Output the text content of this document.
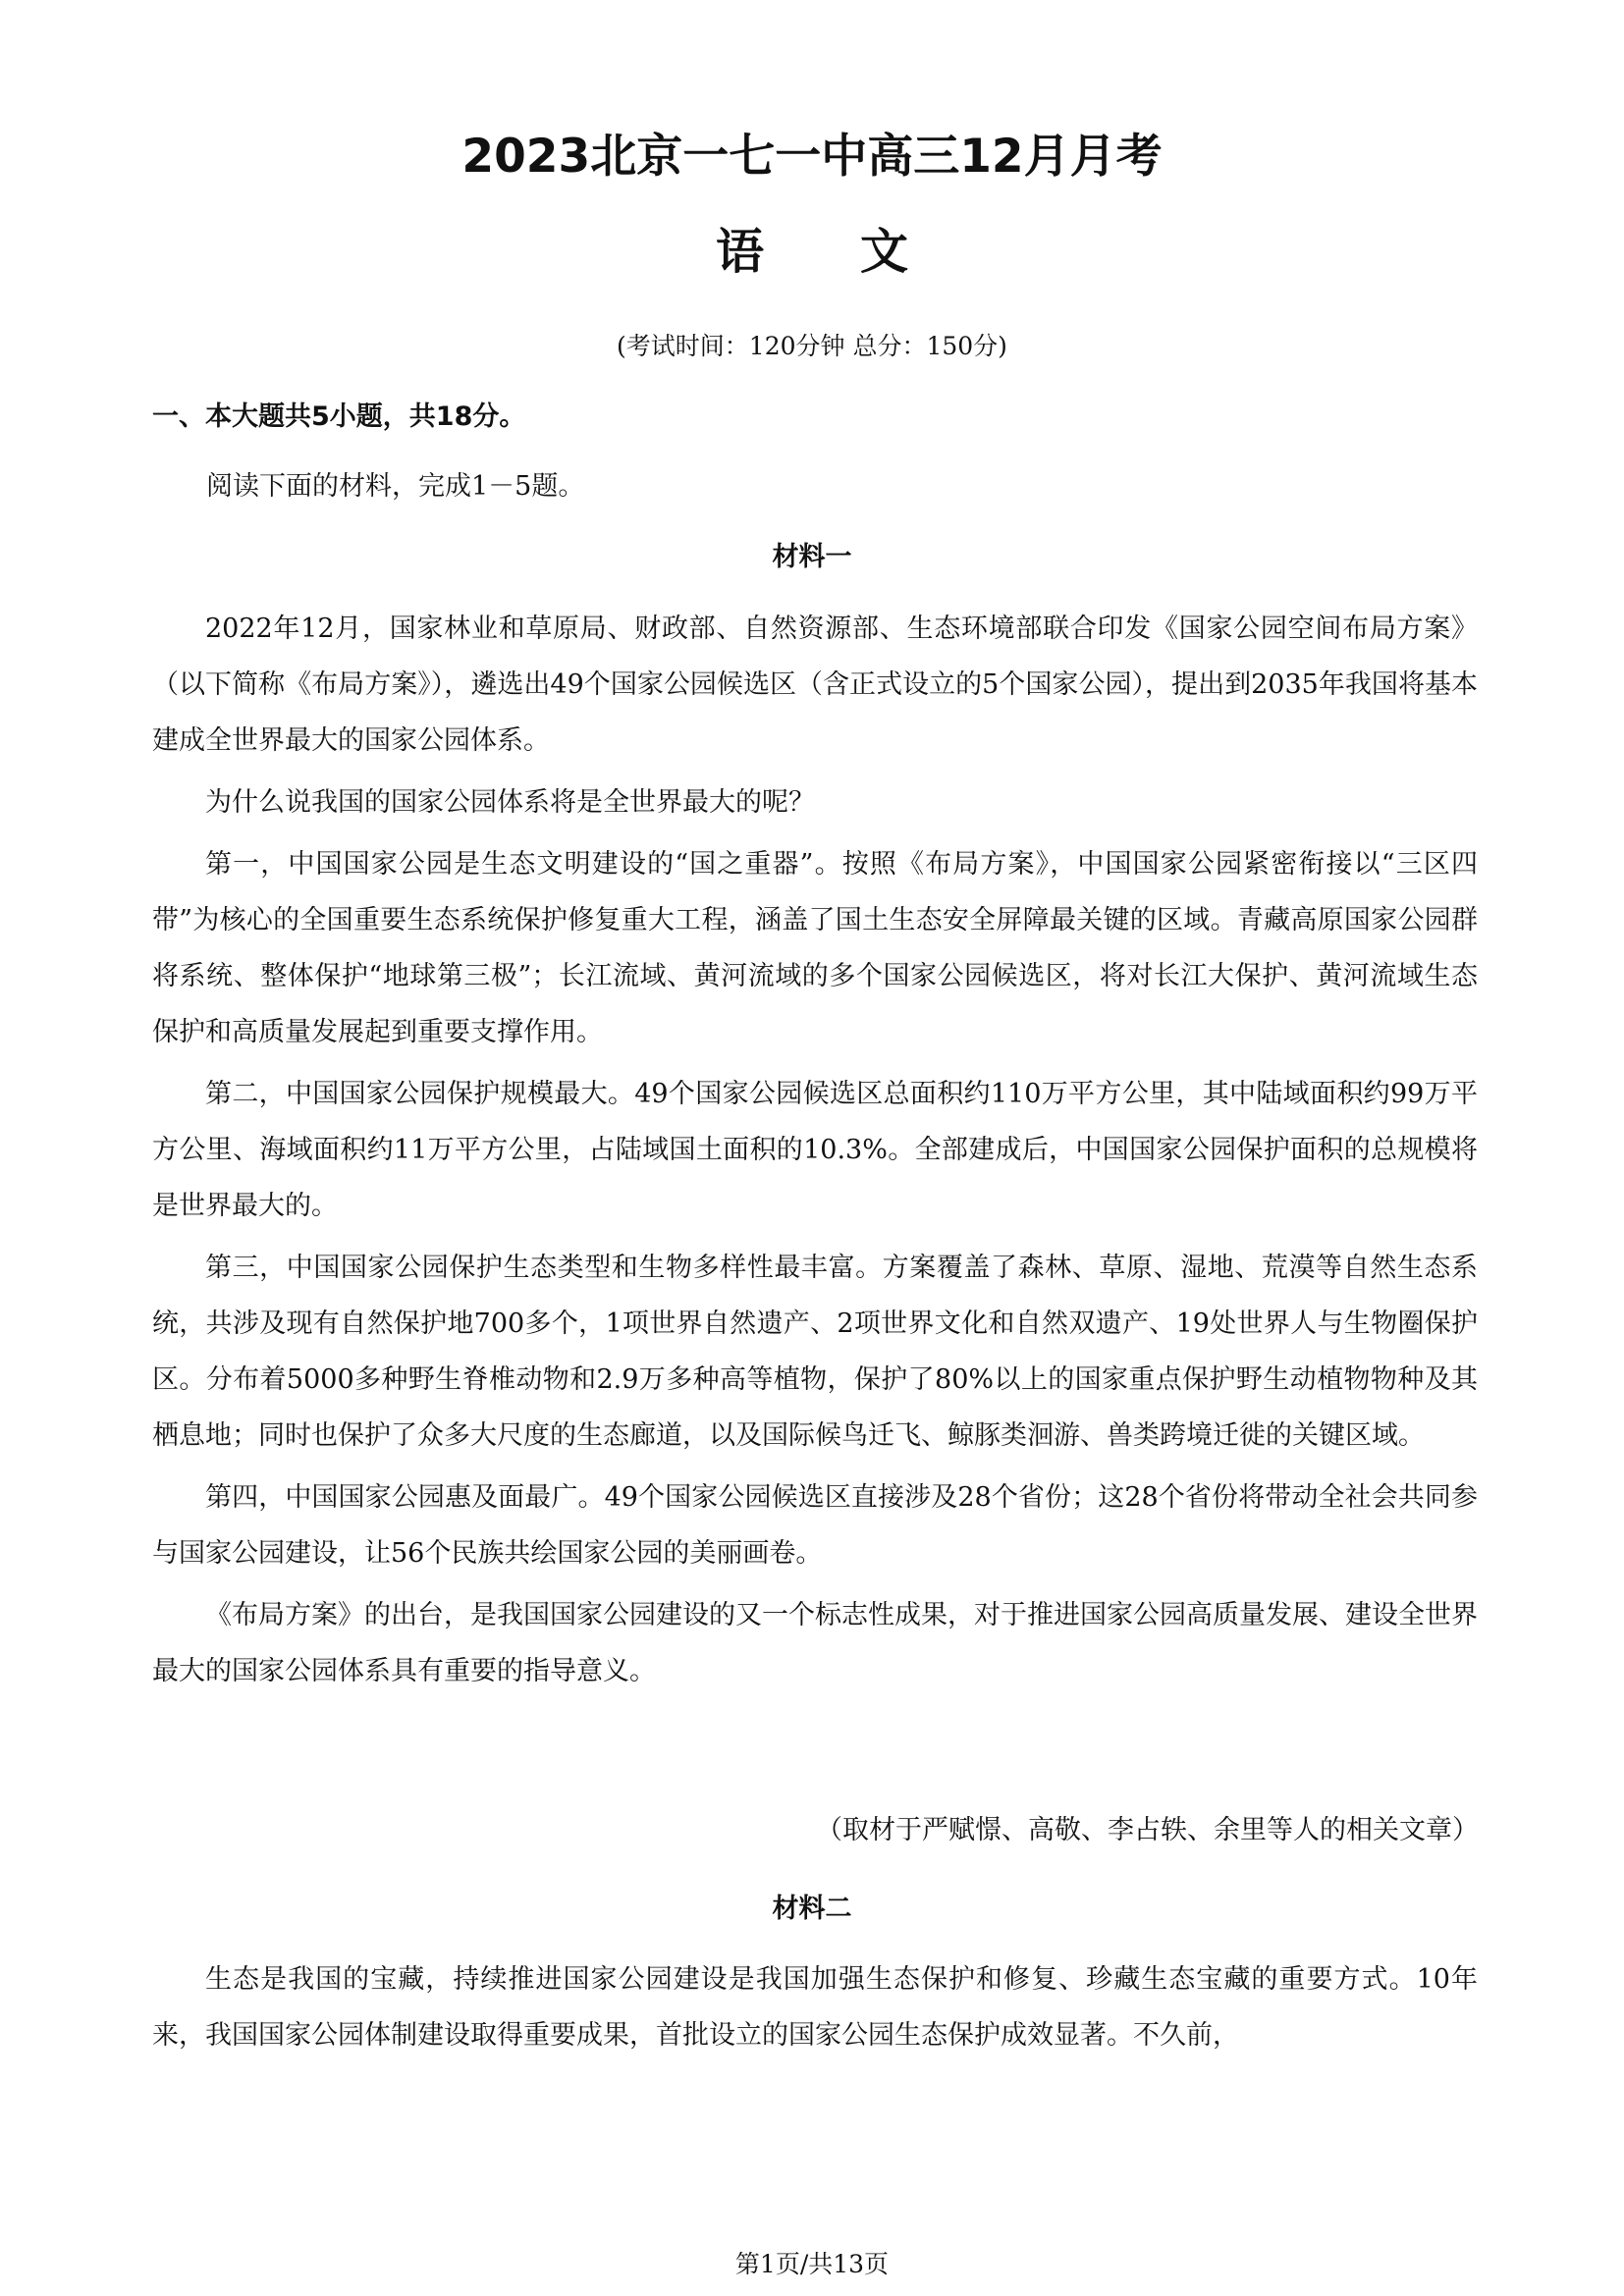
2023北京一七一中高三12月月考
语　　文
(考试时间：120分钟 总分：150分)
一、本大题共5小题，共18分。
阅读下面的材料，完成1－5题。
材料一

2022年12月，国家林业和草原局、财政部、自然资源部、生态环境部联合印发《国家公园空间布局方案》（以下简称《布局方案》），遴选出49个国家公园候选区（含正式设立的5个国家公园），提出到2035年我国将基本建成全世界最大的国家公园体系。

为什么说我国的国家公园体系将是全世界最大的呢？

第一，中国国家公园是生态文明建设的“国之重器”。按照《布局方案》，中国国家公园紧密衔接以“三区四带”为核心的全国重要生态系统保护修复重大工程，涵盖了国土生态安全屏障最关键的区域。青藏高原国家公园群将系统、整体保护“地球第三极”；长江流域、黄河流域的多个国家公园候选区，将对长江大保护、黄河流域生态保护和高质量发展起到重要支撑作用。

第二，中国国家公园保护规模最大。49个国家公园候选区总面积约110万平方公里，其中陆域面积约99万平方公里、海域面积约11万平方公里，占陆域国土面积的10.3%。全部建成后，中国国家公园保护面积的总规模将是世界最大的。

第三，中国国家公园保护生态类型和生物多样性最丰富。方案覆盖了森林、草原、湿地、荒漠等自然生态系统，共涉及现有自然保护地700多个，1项世界自然遗产、2项世界文化和自然双遗产、19处世界人与生物圈保护区。分布着5000多种野生脊椎动物和2.9万多种高等植物，保护了80%以上的国家重点保护野生动植物物种及其栖息地；同时也保护了众多大尺度的生态廊道，以及国际候鸟迁飞、鲸豚类洄游、兽类跨境迁徙的关键区域。

第四，中国国家公园惠及面最广。49个国家公园候选区直接涉及28个省份；这28个省份将带动全社会共同参与国家公园建设，让56个民族共绘国家公园的美丽画卷。

《布局方案》的出台，是我国国家公园建设的又一个标志性成果，对于推进国家公园高质量发展、建设全世界最大的国家公园体系具有重要的指导意义。

（取材于严赋憬、高敬、李占轶、余里等人的相关文章）
材料二

生态是我国的宝藏，持续推进国家公园建设是我国加强生态保护和修复、珍藏生态宝藏的重要方式。10年来，我国国家公园体制建设取得重要成果，首批设立的国家公园生态保护成效显著。不久前，

第1页/共13页
